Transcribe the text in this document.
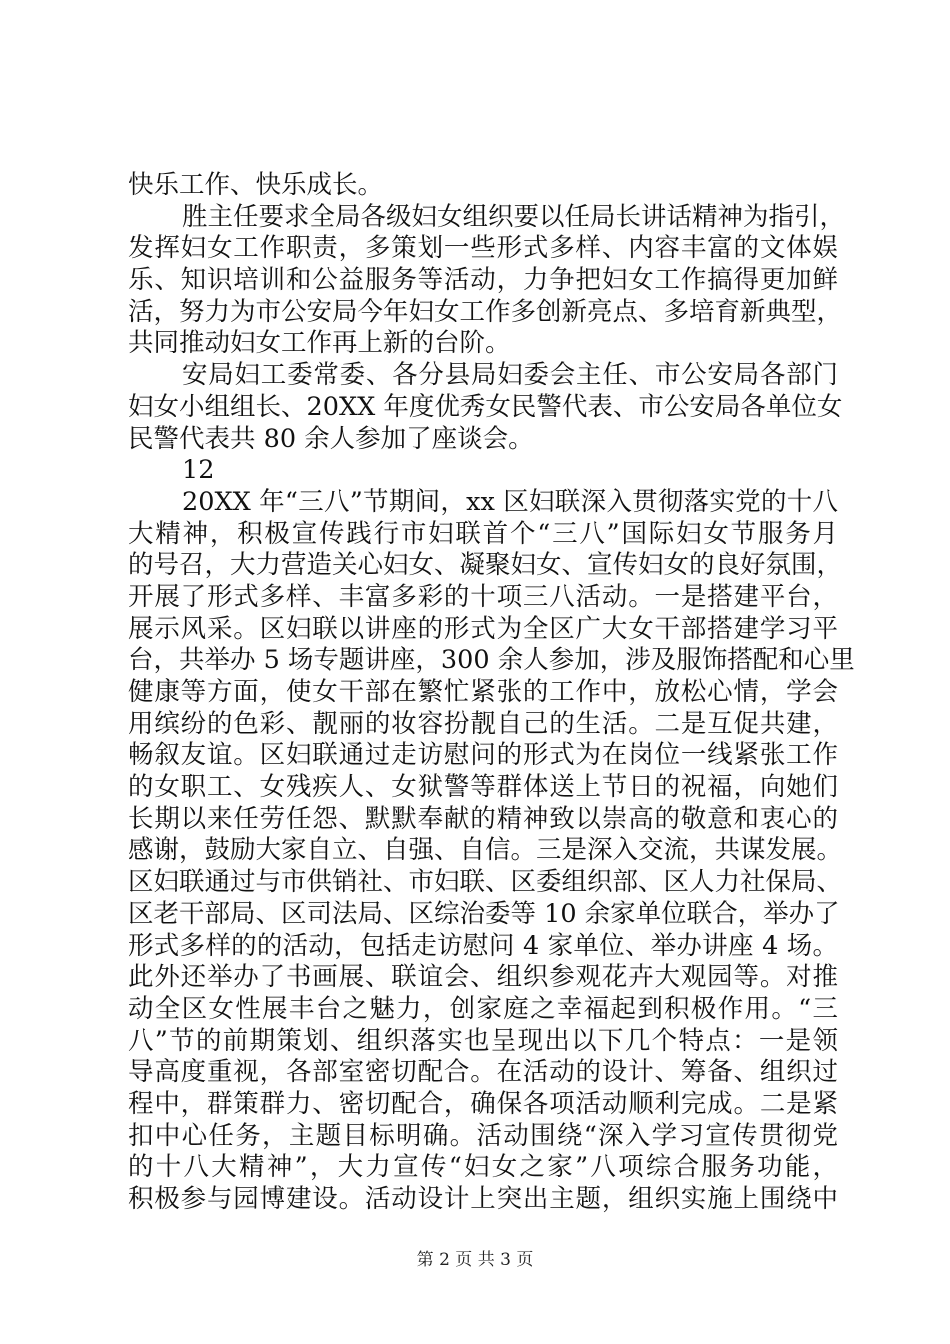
快乐工作、快乐成长。
胜主任要求全局各级妇女组织要以任局长讲话精神为指引，
发挥妇女工作职责，多策划一些形式多样、内容丰富的文体娱
乐、知识培训和公益服务等活动，力争把妇女工作搞得更加鲜
活，努力为市公安局今年妇女工作多创新亮点、多培育新典型，
共同推动妇女工作再上新的台阶。
安局妇工委常委、各分县局妇委会主任、市公安局各部门
妇女小组组长、20XX 年度优秀女民警代表、市公安局各单位女
民警代表共 80 余人参加了座谈会。
12
20XX 年“三八”节期间，xx 区妇联深入贯彻落实党的十八
大精神，积极宣传践行市妇联首个“三八”国际妇女节服务月
的号召，大力营造关心妇女、凝聚妇女、宣传妇女的良好氛围，
开展了形式多样、丰富多彩的十项三八活动。一是搭建平台，
展示风采。区妇联以讲座的形式为全区广大女干部搭建学习平
台，共举办 5 场专题讲座，300 余人参加，涉及服饰搭配和心里
健康等方面，使女干部在繁忙紧张的工作中，放松心情，学会
用缤纷的色彩、靓丽的妆容扮靓自己的生活。二是互促共建，
畅叙友谊。区妇联通过走访慰问的形式为在岗位一线紧张工作
的女职工、女残疾人、女狱警等群体送上节日的祝福，向她们
长期以来任劳任怨、默默奉献的精神致以崇高的敬意和衷心的
感谢，鼓励大家自立、自强、自信。三是深入交流，共谋发展。
区妇联通过与市供销社、市妇联、区委组织部、区人力社保局、
区老干部局、区司法局、区综治委等 10 余家单位联合，举办了
形式多样的的活动，包括走访慰问 4 家单位、举办讲座 4 场。
此外还举办了书画展、联谊会、组织参观花卉大观园等。对推
动全区女性展丰台之魅力，创家庭之幸福起到积极作用。“三
八”节的前期策划、组织落实也呈现出以下几个特点：一是领
导高度重视，各部室密切配合。在活动的设计、筹备、组织过
程中，群策群力、密切配合，确保各项活动顺利完成。二是紧
扣中心任务，主题目标明确。活动围绕“深入学习宣传贯彻党
的十八大精神”，大力宣传“妇女之家”八项综合服务功能，
积极参与园博建设。活动设计上突出主题，组织实施上围绕中
第 2 页 共 3 页
